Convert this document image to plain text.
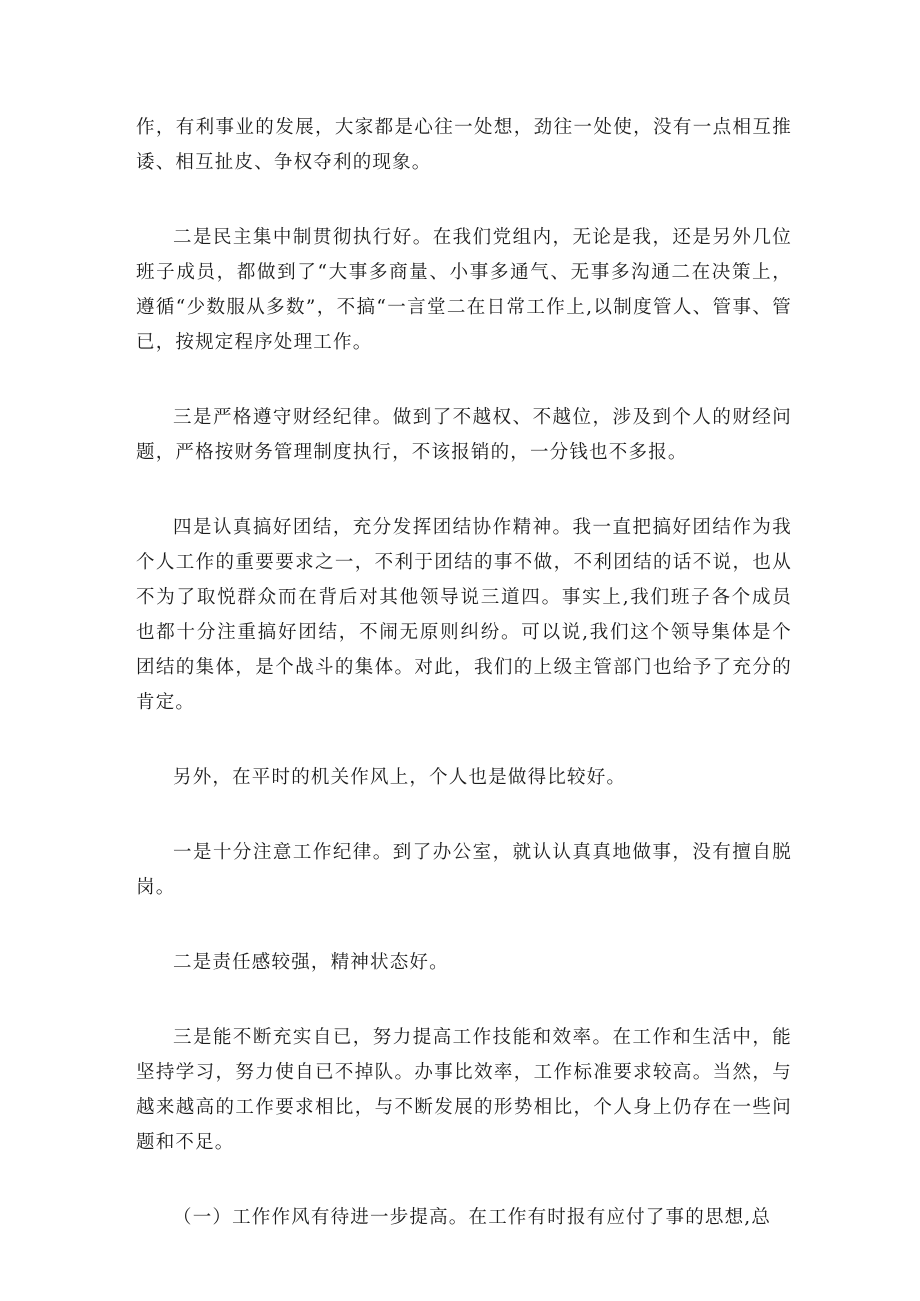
作，有利事业的发展，大家都是心往一处想，劲往一处使，没有一点相互推诿、相互扯皮、争权夺利的现象。

二是民主集中制贯彻执行好。在我们党组内，无论是我，还是另外几位班子成员，都做到了“大事多商量、小事多通气、无事多沟通二在决策上，遵循“少数服从多数”，不搞“一言堂二在日常工作上,以制度管人、管事、管已，按规定程序处理工作。

三是严格遵守财经纪律。做到了不越权、不越位，涉及到个人的财经问题，严格按财务管理制度执行，不该报销的，一分钱也不多报。

四是认真搞好团结，充分发挥团结协作精神。我一直把搞好团结作为我个人工作的重要要求之一，不利于团结的事不做，不利团结的话不说，也从不为了取悦群众而在背后对其他领导说三道四。事实上,我们班子各个成员也都十分注重搞好团结，不闹无原则纠纷。可以说,我们这个领导集体是个团结的集体，是个战斗的集体。对此，我们的上级主管部门也给予了充分的肯定。

另外，在平时的机关作风上，个人也是做得比较好。

一是十分注意工作纪律。到了办公室，就认认真真地做事，没有擅自脱岗。

二是责任感较强，精神状态好。

三是能不断充实自已，努力提高工作技能和效率。在工作和生活中，能坚持学习，努力使自已不掉队。办事比效率，工作标准要求较高。当然，与越来越高的工作要求相比，与不断发展的形势相比，个人身上仍存在一些问题和不足。

（一）工作作风有待进一步提高。在工作有时报有应付了事的思想,总
